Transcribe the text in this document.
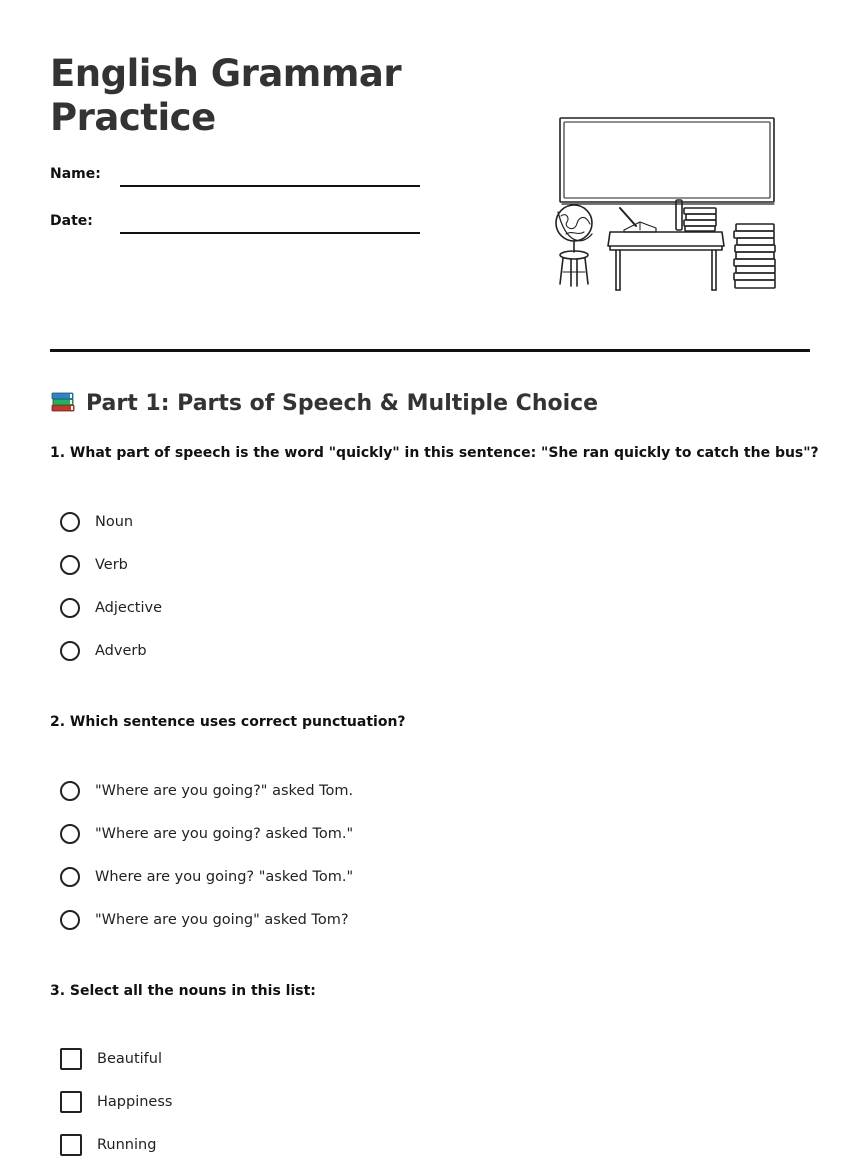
English Grammar
Practice
Name:
Date:
Part 1: Parts of Speech & Multiple Choice

1. What part of speech is the word "quickly" in this sentence: "She ran quickly to catch the bus"?

Noun
Verb
Adjective
Adverb

2. Which sentence uses correct punctuation?

"Where are you going?" asked Tom.
"Where are you going? asked Tom."
Where are you going? "asked Tom."
"Where are you going" asked Tom?

3. Select all the nouns in this list:

Beautiful
Happiness
Running
